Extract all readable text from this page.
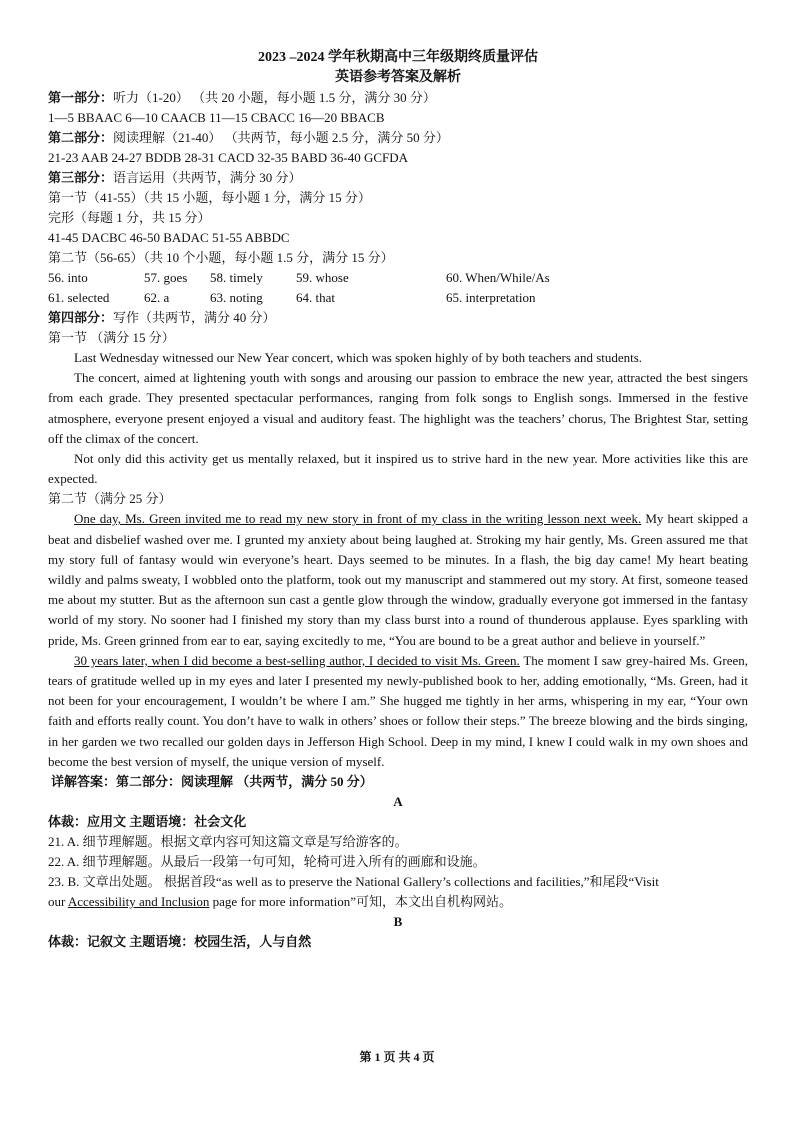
2023 –2024 学年秋期高中三年级期终质量评估
英语参考答案及解析
第一部分：听力（1-20） （共 20 小题，每小题 1.5 分，满分 30 分）
1—5 BBAAC 6—10 CAACB 11—15 CBACC 16—20 BBACB
第二部分：阅读理解（21-40） （共两节，每小题 2.5 分，满分 50 分）
21-23 AAB 24-27 BDDB 28-31 CACD 32-35 BABD 36-40 GCFDA
第三部分：语言运用（共两节，满分 30 分）
第一节（41-55）（共 15 小题，每小题 1 分，满分 15 分）
完形（每题 1 分，共 15 分）
41-45 DACBC 46-50 BADAC 51-55 ABBDC
第二节（56-65）（共 10 个小题，每小题 1.5 分，满分 15 分）
56. into	57. goes	58. timely	59. whose	60. When/While/As
61. selected	62. a	63. noting	64. that	65. interpretation
第四部分：写作（共两节，满分 40 分）
第一节 （满分 15 分）

Last Wednesday witnessed our New Year concert, which was spoken highly of by both teachers and students.

The concert, aimed at lightening youth with songs and arousing our passion to embrace the new year, attracted the best singers from each grade. They presented spectacular performances, ranging from folk songs to English songs. Immersed in the festive atmosphere, everyone present enjoyed a visual and auditory feast. The highlight was the teachers’ chorus, The Brightest Star, setting off the climax of the concert.

Not only did this activity get us mentally relaxed, but it inspired us to strive hard in the new year. More activities like this are expected.

第二节（满分 25 分）

One day, Ms. Green invited me to read my new story in front of my class in the writing lesson next week. My heart skipped a beat and disbelief washed over me. I grunted my anxiety about being laughed at. Stroking my hair gently, Ms. Green assured me that my story full of fantasy would win everyone’s heart. Days seemed to be minutes. In a flash, the big day came! My heart beating wildly and palms sweaty, I wobbled onto the platform, took out my manuscript and stammered out my story. At first, someone teased me about my stutter. But as the afternoon sun cast a gentle glow through the window, gradually everyone got immersed in the fantasy world of my story. No sooner had I finished my story than my class burst into a round of thunderous applause. Eyes sparkling with pride, Ms. Green grinned from ear to ear, saying excitedly to me, “You are bound to be a great author and believe in yourself.”

30 years later, when I did become a best-selling author, I decided to visit Ms. Green. The moment I saw grey-haired Ms. Green, tears of gratitude welled up in my eyes and later I presented my newly-published book to her, adding emotionally, “Ms. Green, had it not been for your encouragement, I wouldn’t be where I am.” She hugged me tightly in her arms, whispering in my ear, “Your own faith and efforts really count. You don’t have to walk in others’ shoes or follow their steps.” The breeze blowing and the birds singing, in her garden we two recalled our golden days in Jefferson High School. Deep in my mind, I knew I could walk in my own shoes and become the best version of myself, the unique version of myself.

详解答案：第二部分：阅读理解 （共两节，满分 50 分）
A
体裁：应用文 主题语境：社会文化
21. A. 细节理解题。根据文章内容可知这篇文章是写给游客的。
22. A. 细节理解题。从最后一段第一句可知，轮椅可进入所有的画廊和设施。
23. B. 文章出处题。 根据首段“as well as to preserve the National Gallery’s collections and facilities,”和尾段“Visit
our Accessibility and Inclusion page for more information”可知，本文出自机构网站。
B
体裁：记叙文 主题语境：校园生活，人与自然
第 1 页 共 4 页
